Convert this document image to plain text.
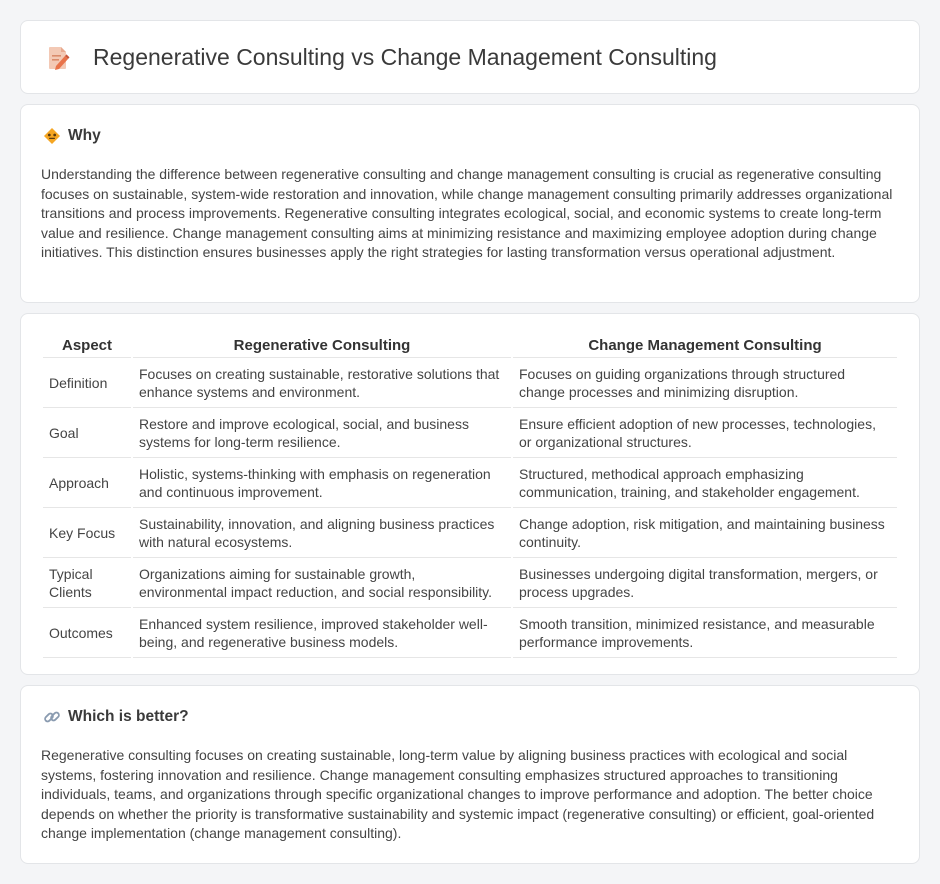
Regenerative Consulting vs Change Management Consulting
Why

Understanding the difference between regenerative consulting and change management consulting is crucial as regenerative consulting focuses on sustainable, system-wide restoration and innovation, while change management consulting primarily addresses organizational transitions and process improvements. Regenerative consulting integrates ecological, social, and economic systems to create long-term value and resilience. Change management consulting aims at minimizing resistance and maximizing employee adoption during change initiatives. This distinction ensures businesses apply the right strategies for lasting transformation versus operational adjustment.

Aspect	Regenerative Consulting	Change Management Consulting
Definition	Focuses on creating sustainable, restorative solutions that enhance systems and environment.	Focuses on guiding organizations through structured change processes and minimizing disruption.
Goal	Restore and improve ecological, social, and business systems for long-term resilience.	Ensure efficient adoption of new processes, technologies, or organizational structures.
Approach	Holistic, systems-thinking with emphasis on regeneration and continuous improvement.	Structured, methodical approach emphasizing communication, training, and stakeholder engagement.
Key Focus	Sustainability, innovation, and aligning business practices with natural ecosystems.	Change adoption, risk mitigation, and maintaining business continuity.
Typical Clients	Organizations aiming for sustainable growth, environmental impact reduction, and social responsibility.	Businesses undergoing digital transformation, mergers, or process upgrades.
Outcomes	Enhanced system resilience, improved stakeholder well-being, and regenerative business models.	Smooth transition, minimized resistance, and measurable performance improvements.
Which is better?

Regenerative consulting focuses on creating sustainable, long-term value by aligning business practices with ecological and social systems, fostering innovation and resilience. Change management consulting emphasizes structured approaches to transitioning individuals, teams, and organizations through specific organizational changes to improve performance and adoption. The better choice depends on whether the priority is transformative sustainability and systemic impact (regenerative consulting) or efficient, goal-oriented change implementation (change management consulting).
